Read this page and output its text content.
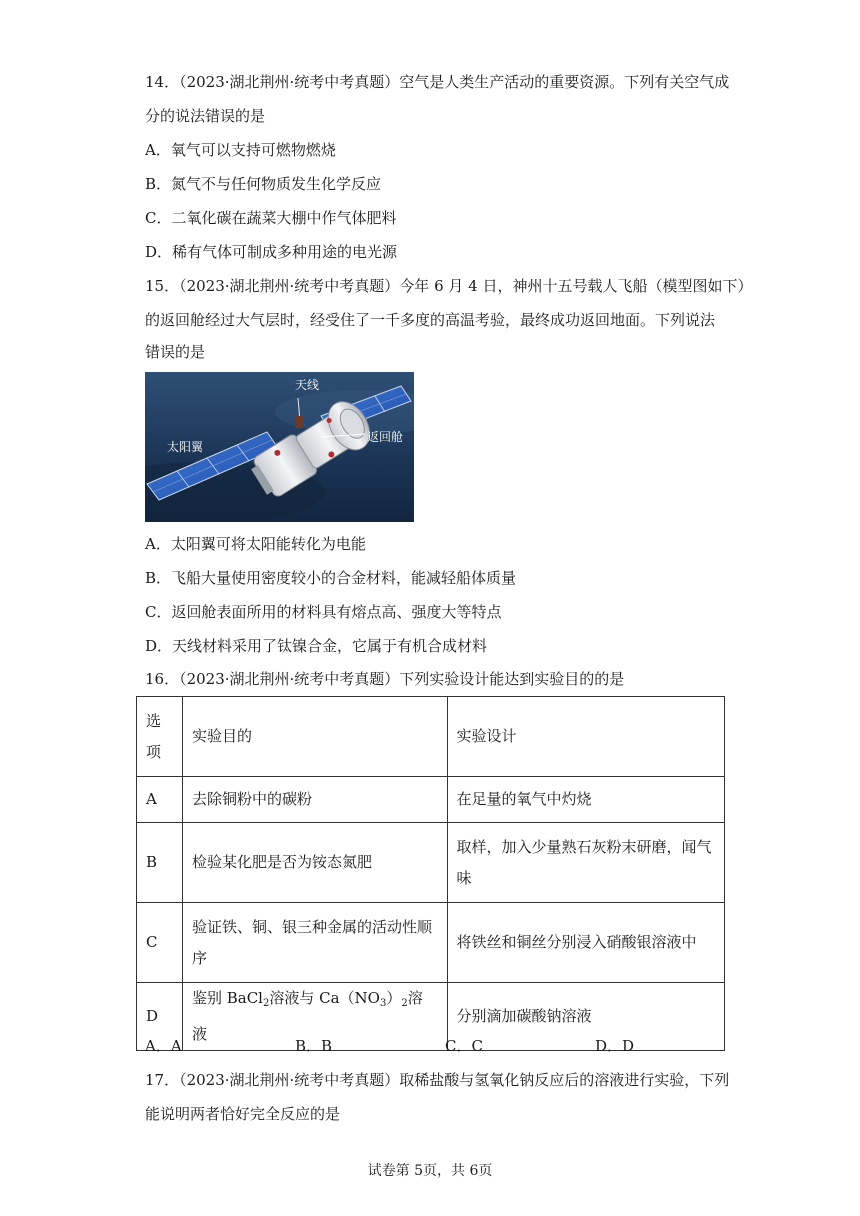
14．（2023·湖北荆州·统考中考真题）空气是人类生产活动的重要资源。下列有关空气成
分的说法错误的是
A．氧气可以支持可燃物燃烧
B．氮气不与任何物质发生化学反应
C．二氧化碳在蔬菜大棚中作气体肥料
D．稀有气体可制成多种用途的电光源
15．（2023·湖北荆州·统考中考真题）今年 6 月 4 日，神州十五号载人飞船（模型图如下）
的返回舱经过大气层时，经受住了一千多度的高温考验，最终成功返回地面。下列说法
错误的是
天线
太阳翼
返回舱
A．太阳翼可将太阳能转化为电能
B．飞船大量使用密度较小的合金材料，能减轻船体质量
C．返回舱表面所用的材料具有熔点高、强度大等特点
D．天线材料采用了钛镍合金，它属于有机合成材料
16．（2023·湖北荆州·统考中考真题）下列实验设计能达到实验目的的是
选
项	实验目的	实验设计
A	去除铜粉中的碳粉	在足量的氧气中灼烧
B	检验某化肥是否为铵态氮肥	取样，加入少量熟石灰粉末研磨，闻气
味
C	验证铁、铜、银三种金属的活动性顺
序	将铁丝和铜丝分别浸入硝酸银溶液中
D	鉴别 BaCl$_2$溶液与 $Ca(NO_3)_2$溶液	分别滴加碳酸钠溶液
A．A	B．B	C．C	D．D
17．（2023·湖北荆州·统考中考真题）取稀盐酸与氢氧化钠反应后的溶液进行实验，下列
能说明两者恰好完全反应的是
试卷第 5页，共 6页
